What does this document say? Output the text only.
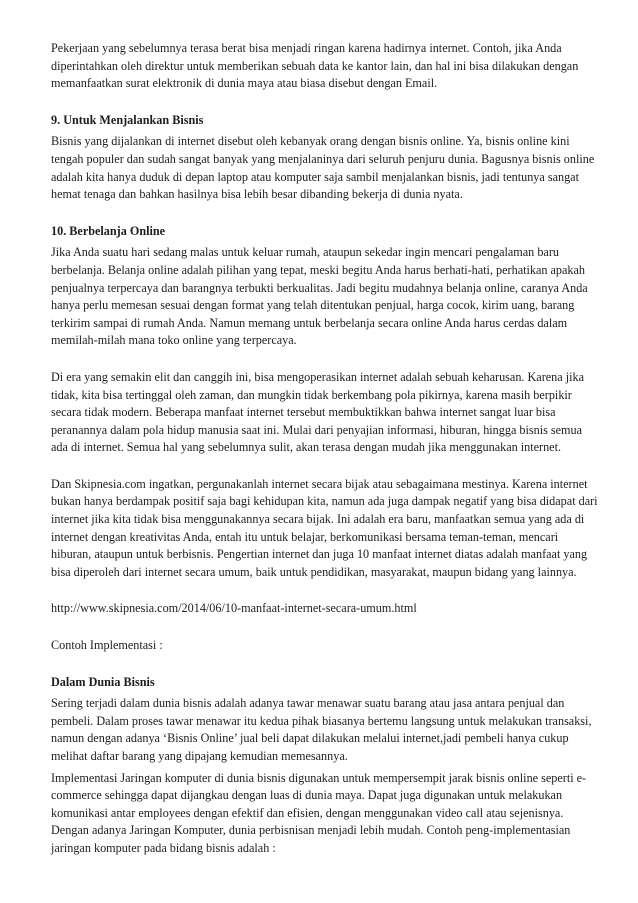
Pekerjaan yang sebelumnya terasa berat bisa menjadi ringan karena hadirnya internet. Contoh, jika Anda diperintahkan oleh direktur untuk memberikan sebuah data ke kantor lain, dan hal ini bisa dilakukan dengan memanfaatkan surat elektronik di dunia maya atau biasa disebut dengan Email.

9. Untuk Menjalankan Bisnis

Bisnis yang dijalankan di internet disebut oleh kebanyak orang dengan bisnis online. Ya, bisnis online kini tengah populer dan sudah sangat banyak yang menjalaninya dari seluruh penjuru dunia. Bagusnya bisnis online adalah kita hanya duduk di depan laptop atau komputer saja sambil menjalankan bisnis, jadi tentunya sangat hemat tenaga dan bahkan hasilnya bisa lebih besar dibanding bekerja di dunia nyata.

10. Berbelanja Online

Jika Anda suatu hari sedang malas untuk keluar rumah, ataupun sekedar ingin mencari pengalaman baru berbelanja. Belanja online adalah pilihan yang tepat, meski begitu Anda harus berhati-hati, perhatikan apakah penjualnya terpercaya dan barangnya terbukti berkualitas. Jadi begitu mudahnya belanja online, caranya Anda hanya perlu memesan sesuai dengan format yang telah ditentukan penjual, harga cocok, kirim uang, barang terkirim sampai di rumah Anda. Namun memang untuk berbelanja secara online Anda harus cerdas dalam memilah-milah mana toko online yang terpercaya.

Di era yang semakin elit dan canggih ini, bisa mengoperasikan internet adalah sebuah keharusan. Karena jika tidak, kita bisa tertinggal oleh zaman, dan mungkin tidak berkembang pola pikirnya, karena masih berpikir secara tidak modern. Beberapa manfaat internet tersebut membuktikkan bahwa internet sangat luar bisa peranannya dalam pola hidup manusia saat ini. Mulai dari penyajian informasi, hiburan, hingga bisnis semua ada di internet. Semua hal yang sebelumnya sulit, akan terasa dengan mudah jika menggunakan internet.

Dan Skipnesia.com ingatkan, pergunakanlah internet secara bijak atau sebagaimana mestinya. Karena internet bukan hanya berdampak positif saja bagi kehidupan kita, namun ada juga dampak negatif yang bisa didapat dari internet jika kita tidak bisa menggunakannya secara bijak. Ini adalah era baru, manfaatkan semua yang ada di internet dengan kreativitas Anda, entah itu untuk belajar, berkomunikasi bersama teman-teman, mencari hiburan, ataupun untuk berbisnis. Pengertian internet dan juga 10 manfaat internet diatas adalah manfaat yang bisa diperoleh dari internet secara umum, baik untuk pendidikan, masyarakat, maupun bidang yang lainnya.

http://www.skipnesia.com/2014/06/10-manfaat-internet-secara-umum.html

Contoh Implementasi :

Dalam Dunia Bisnis

Sering terjadi dalam dunia bisnis adalah adanya tawar menawar suatu barang atau jasa antara penjual dan pembeli. Dalam proses tawar menawar itu kedua pihak biasanya bertemu langsung untuk melakukan transaksi, namun dengan adanya ‘Bisnis Online’ jual beli dapat dilakukan melalui internet,jadi pembeli hanya cukup melihat daftar barang yang dipajang kemudian memesannya.

Implementasi Jaringan komputer di dunia bisnis digunakan untuk mempersempit jarak bisnis online seperti e-commerce sehingga dapat dijangkau dengan luas di dunia maya. Dapat juga digunakan untuk melakukan komunikasi antar employees dengan efektif dan efisien, dengan menggunakan video call atau sejenisnya. Dengan adanya Jaringan Komputer, dunia perbisnisan menjadi lebih mudah. Contoh peng-implementasian jaringan komputer pada bidang bisnis adalah :
